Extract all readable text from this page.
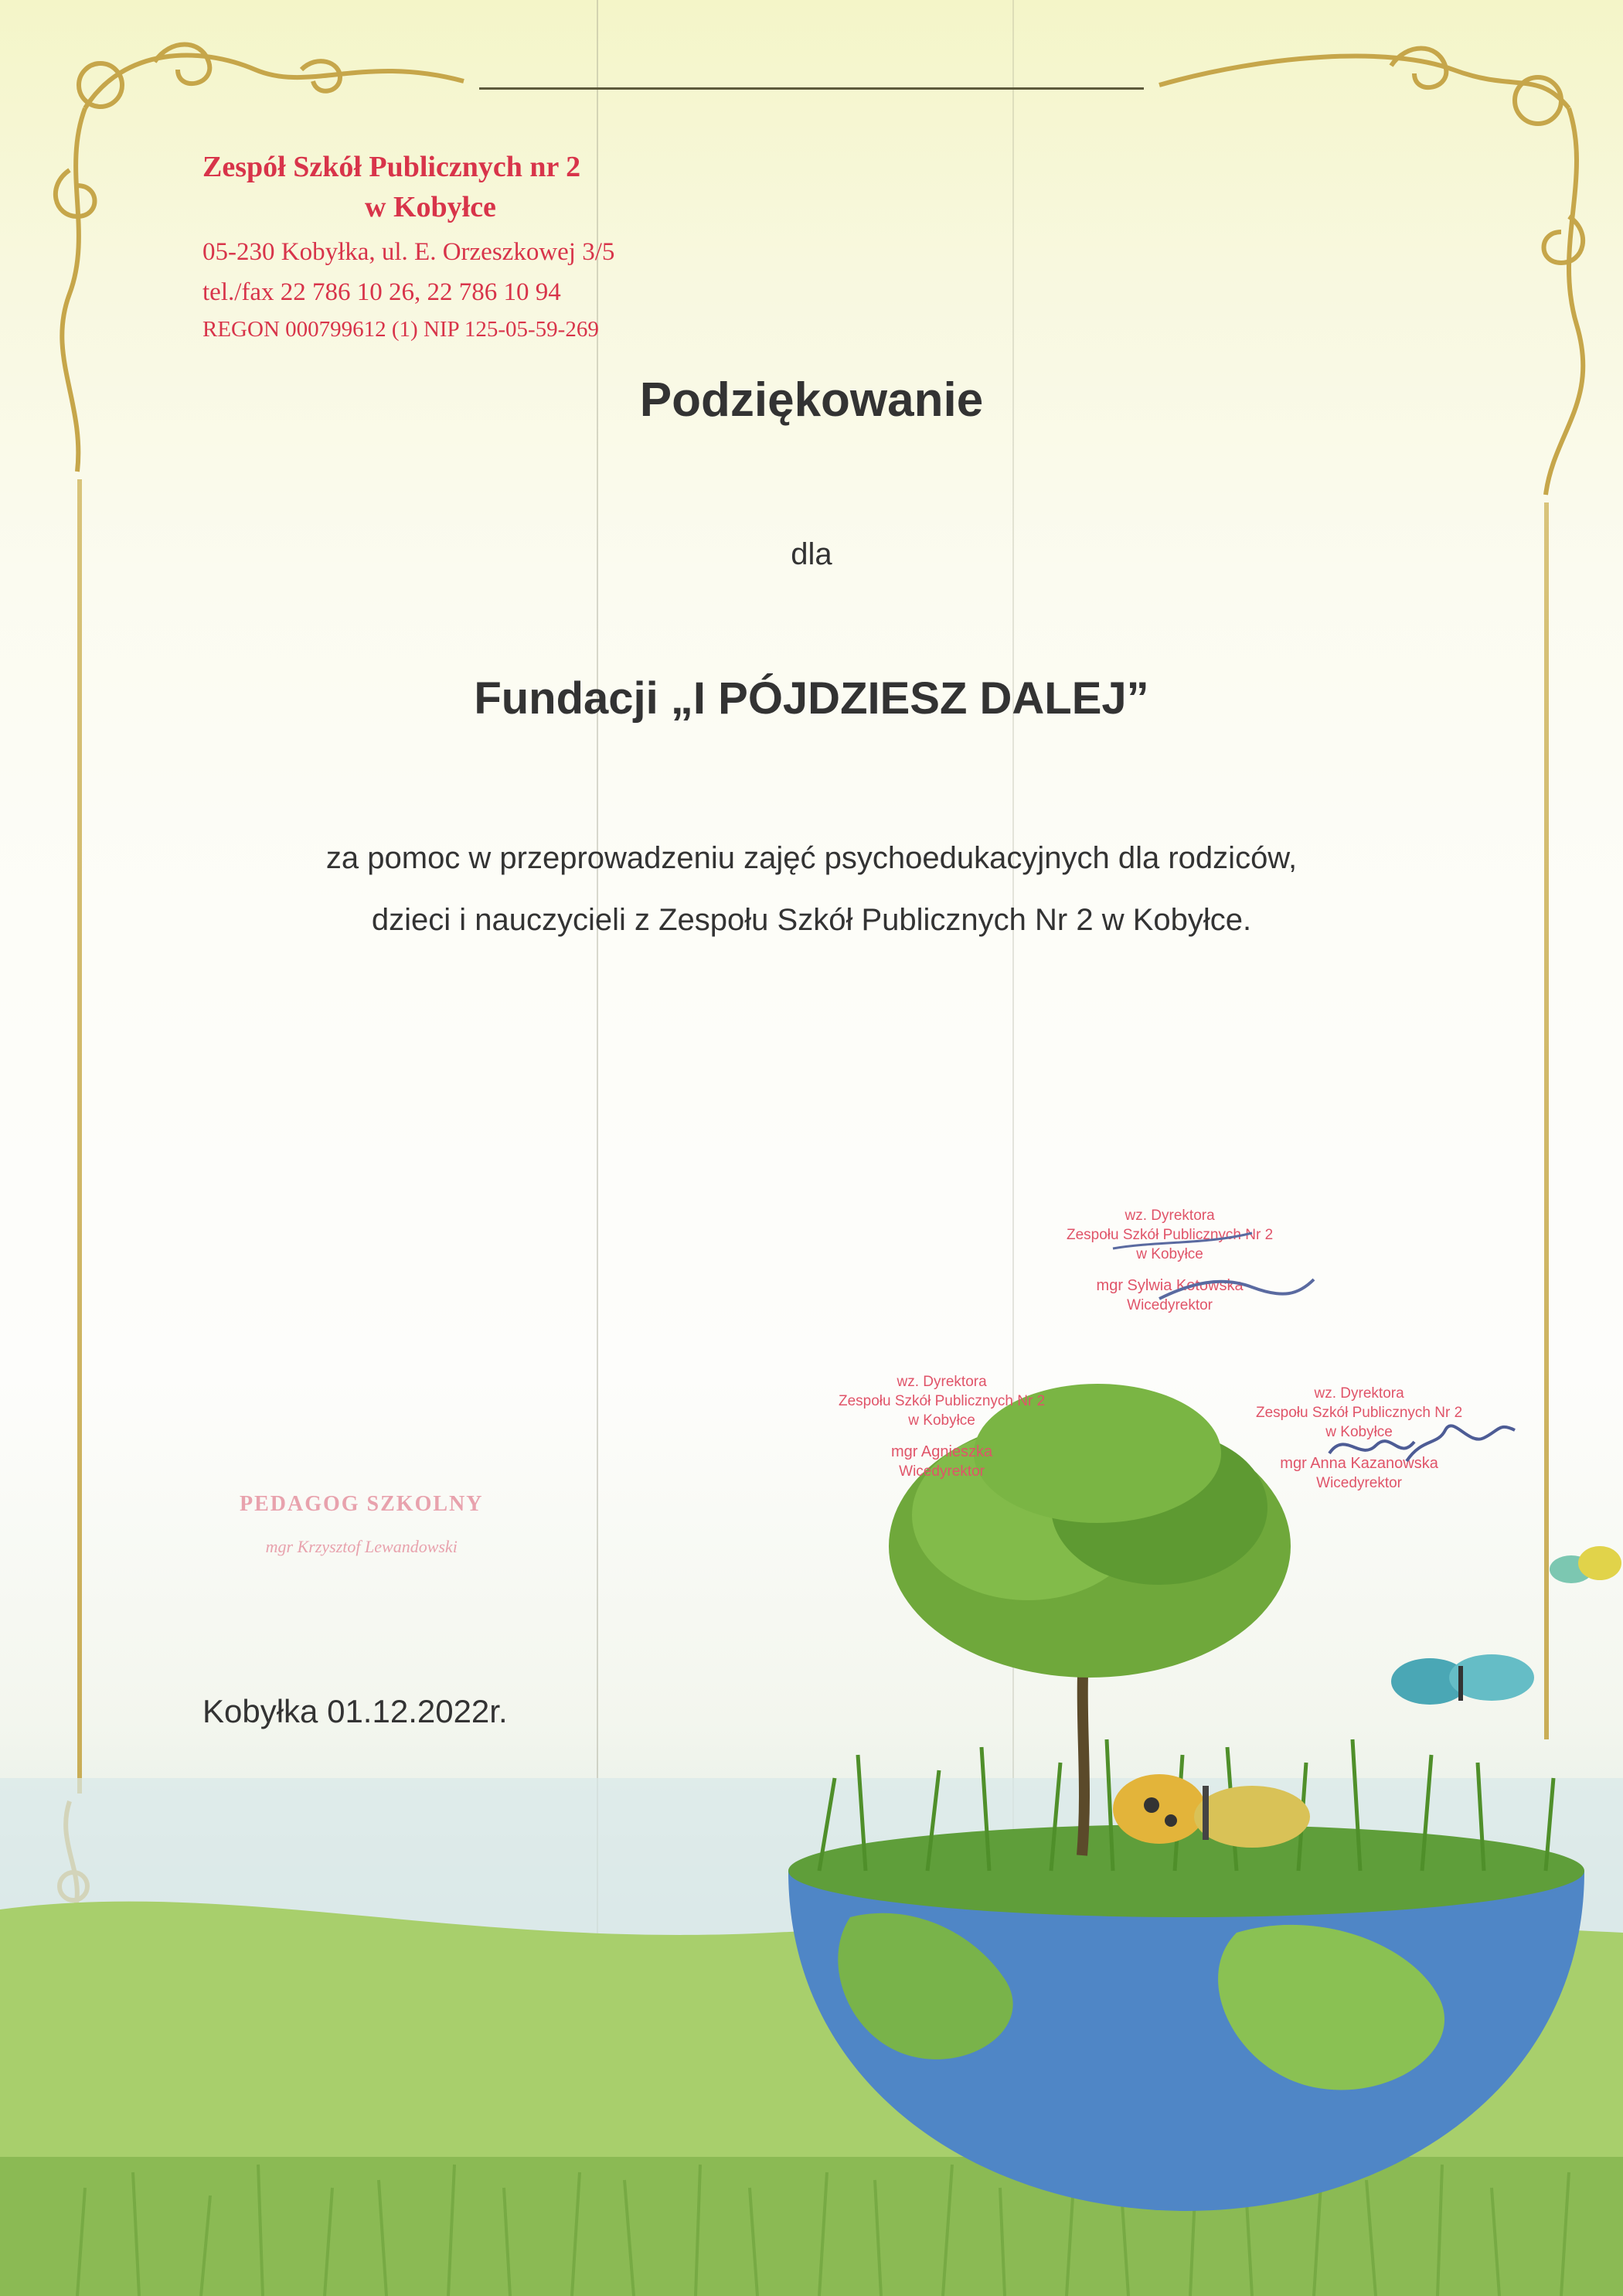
Zespół Szkół Publicznych nr 2
w Kobyłce
05-230 Kobyłka, ul. E. Orzeszkowej 3/5
tel./fax 22 786 10 26, 22 786 10 94
REGON 000799612 (1) NIP 125-05-59-269
Podziękowanie
dla
Fundacji „I PÓJDZIESZ DALEJ”
za pomoc w przeprowadzeniu zajęć psychoedukacyjnych dla rodziców,
dzieci i nauczycieli z Zespołu Szkół Publicznych Nr 2 w Kobyłce.
wz. Dyrektora
Zespołu Szkół Publicznych Nr 2
w Kobyłce
mgr Sylwia Kotowska
Wicedyrektor
wz. Dyrektora
Zespołu Szkół Publicznych Nr 2
w Kobyłce
mgr Agnieszka
Wicedyrektor
wz. Dyrektora
Zespołu Szkół Publicznych Nr 2
w Kobyłce
mgr Anna Kazanowska
Wicedyrektor
PEDAGOG SZKOLNY
mgr Krzysztof Lewandowski
Kobyłka 01.12.2022r.
